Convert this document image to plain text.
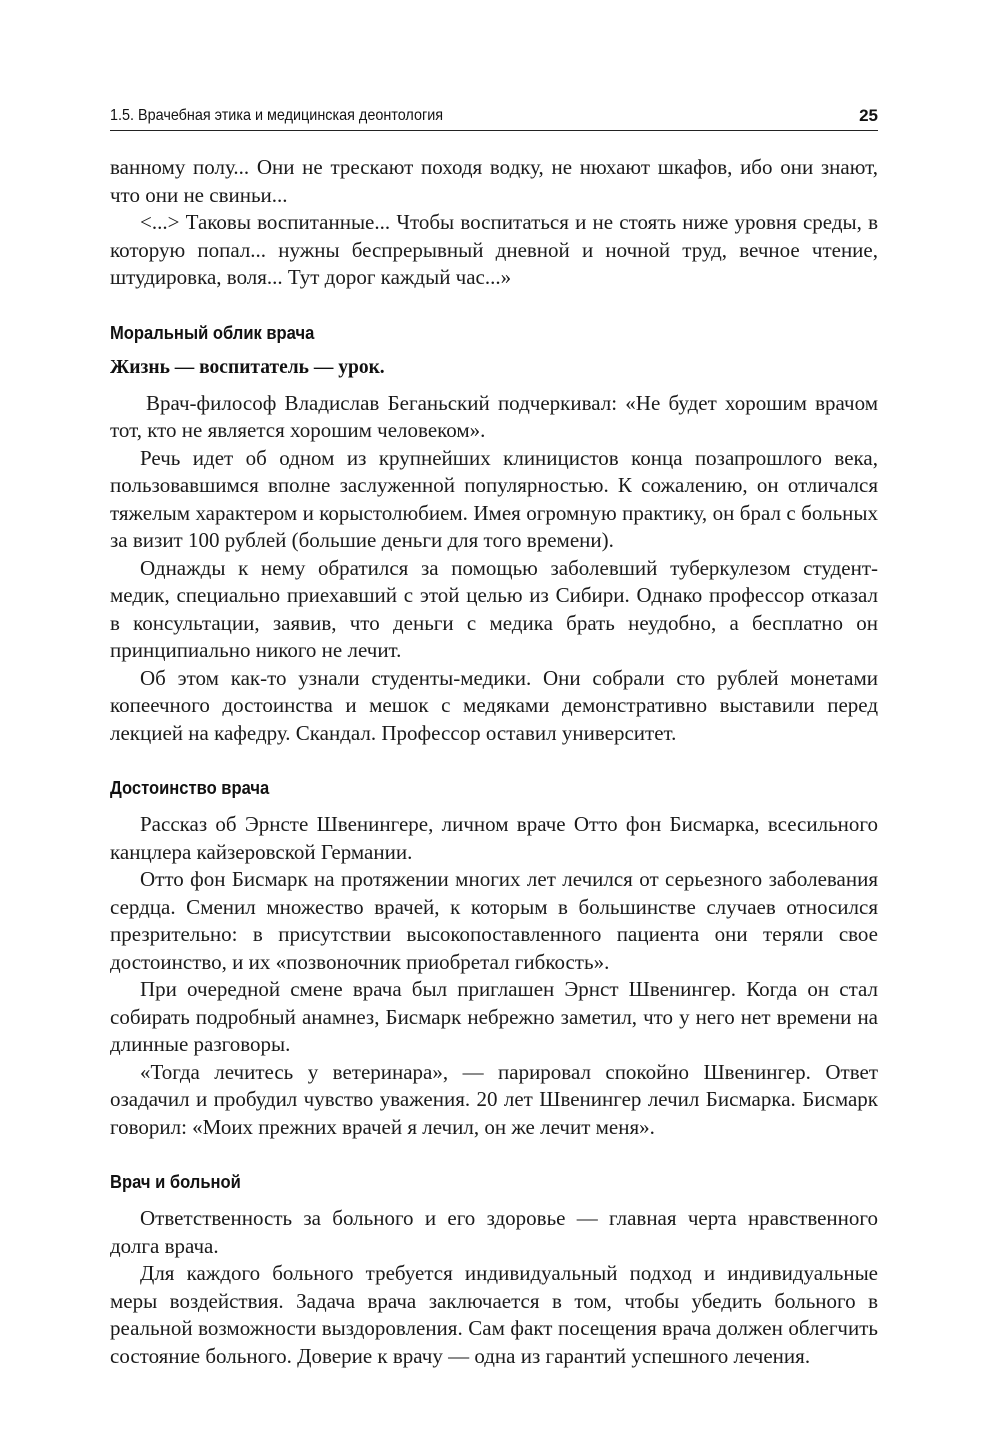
1.5. Врачебная этика и медицинская деонтология	25

ванному полу... Они не трескают походя водку, не нюхают шкафов, ибо они знают, что они не свиньи...

<...> Таковы воспитанные... Чтобы воспитаться и не стоять ниже уровня среды, в которую попал... нужны беспрерывный дневной и ночной труд, вечное чтение, штудировка, воля... Тут дорог каждый час...»

Моральный облик врача
Жизнь — воспитатель — урок.

Врач-философ Владислав Беганьский подчеркивал: «Не будет хорошим врачом тот, кто не является хорошим человеком».

Речь идет об одном из крупнейших клиницистов конца позапрошлого века, пользовавшимся вполне заслуженной популярностью. К сожалению, он отличался тяжелым характером и корыстолюбием. Имея огромную практику, он брал с больных за визит 100 рублей (большие деньги для того времени).

Однажды к нему обратился за помощью заболевший туберкулезом студент-медик, специально приехавший с этой целью из Сибири. Однако профессор отказал в консультации, заявив, что деньги с медика брать неудобно, а бесплатно он принципиально никого не лечит.

Об этом как-то узнали студенты-медики. Они собрали сто рублей монетами копеечного достоинства и мешок с медяками демонстративно выставили перед лекцией на кафедру. Скандал. Профессор оставил университет.

Достоинство врача

Рассказ об Эрнсте Швенингере, личном враче Отто фон Бисмарка, всесильного канцлера кайзеровской Германии.

Отто фон Бисмарк на протяжении многих лет лечился от серьезного заболевания сердца. Сменил множество врачей, к которым в большинстве случаев относился презрительно: в присутствии высокопоставленного пациента они теряли свое достоинство, и их «позвоночник приобретал гибкость».

При очередной смене врача был приглашен Эрнст Швенингер. Когда он стал собирать подробный анамнез, Бисмарк небрежно заметил, что у него нет времени на длинные разговоры.

«Тогда лечитесь у ветеринара», — парировал спокойно Швенингер. Ответ озадачил и пробудил чувство уважения. 20 лет Швенингер лечил Бисмарка. Бисмарк говорил: «Моих прежних врачей я лечил, он же лечит меня».

Врач и больной

Ответственность за больного и его здоровье — главная черта нравственного долга врача.

Для каждого больного требуется индивидуальный подход и индивидуальные меры воздействия. Задача врача заключается в том, чтобы убедить больного в реальной возможности выздоровления. Сам факт посещения врача должен облегчить состояние больного. Доверие к врачу — одна из гарантий успешного лечения.
